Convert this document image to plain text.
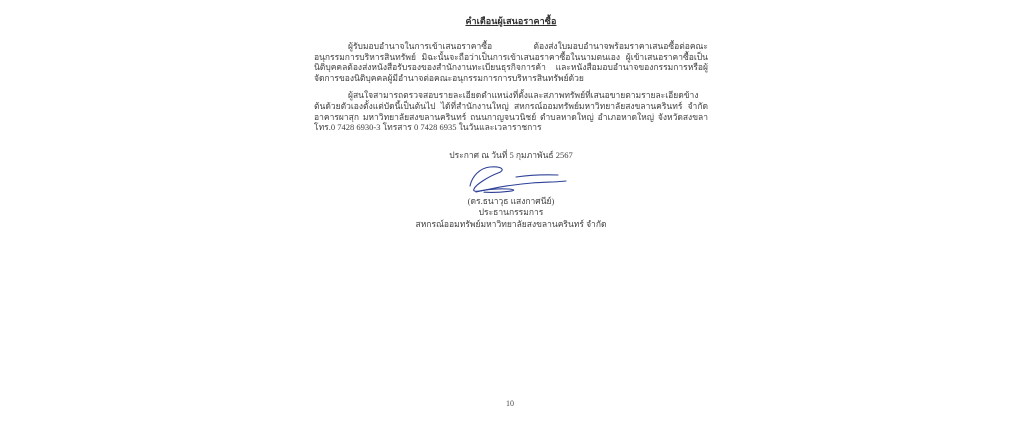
คำเตือนผู้เสนอราคาซื้อ

ผู้รับมอบอำนาจในการเข้าเสนอราคาซื้อ ต้องส่งใบมอบอำนาจพร้อมราคาเสนอซื้อต่อคณะอนุกรรมการบริหารสินทรัพย์ มิฉะนั้นจะถือว่าเป็นการเข้าเสนอราคาซื้อในนามตนเอง ผู้เข้าเสนอราคาซื้อเป็นนิติบุคคลต้องส่งหนังสือรับรองของสำนักงานทะเบียนธุรกิจการค้า และหนังสือมอบอำนาจของกรรมการหรือผู้จัดการของนิติบุคคลผู้มีอำนาจต่อคณะอนุกรรมการการบริหารสินทรัพย์ด้วย

ผู้สนใจสามารถตรวจสอบรายละเอียดตำแหน่งที่ตั้งและสภาพทรัพย์ที่เสนอขายตามรายละเอียดข้างต้นด้วยตัวเองตั้งแต่บัดนี้เป็นต้นไป ได้ที่สำนักงานใหญ่ สหกรณ์ออมทรัพย์มหาวิทยาลัยสงขลานครินทร์ จำกัด อาคารผาสุก มหาวิทยาลัยสงขลานครินทร์ ถนนกาญจนวนิชย์ ตำบลหาดใหญ่ อำเภอหาดใหญ่ จังหวัดสงขลา โทร.0 7428 6930-3 โทรสาร 0 7428 6935 ในวันและเวลาราชการ

ประกาศ ณ วันที่ 5 กุมภาพันธ์ 2567
(ดร.ธนาวุธ แสงกาศนีย์)
ประธานกรรมการ
สหกรณ์ออมทรัพย์มหาวิทยาลัยสงขลานครินทร์ จำกัด
10
